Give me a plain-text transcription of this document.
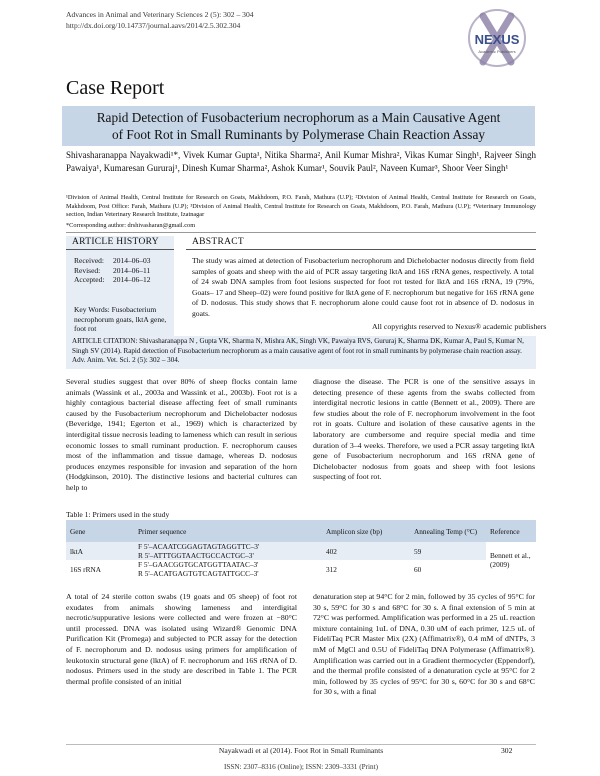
Advances in Animal and Veterinary Sciences 2 (5): 302 – 304
http://dx.doi.org/10.14737/journal.aavs/2014/2.5.302.304
NEXUS
Academic Publishers
Case Report
Rapid Detection of Fusobacterium necrophorum as a Main Causative Agent
of Foot Rot in Small Ruminants by Polymerase Chain Reaction Assay
Shivasharanappa Nayakwadi¹*, Vivek Kumar Gupta¹, Nitika Sharma², Anil Kumar Mishra², Vikas Kumar Singh¹, Rajveer Singh Pawaiya¹, Kumaresan Gururaj¹, Dinesh Kumar Sharma², Ashok Kumar¹, Souvik Paul², Naveen Kumar³, Shoor Veer Singh¹
¹Division of Animal Health, Central Institute for Research on Goats, Makhdoom, P.O. Farah, Mathura (U.P); ²Division of Animal Health, Central Institute for Research on Goats, Makhdoom, Post Office: Farah, Mathura (U.P); ³Division of Animal Health, Central Institute for Research on Goats, Makhdoom, P.O. Farah, Mathura (U.P); ⁴Veterinary Immunology section, Indian Veterinary Research Institute, Izatnagar
*Corresponding author: drshivasharan@gmail.com
ARTICLE HISTORY	ABSTRACT
Received: 2014–06–03
Revised: 2014–06–11
Accepted: 2014–06–12
Key Words: Fusobacterium necrophorum goats, lktA gene, foot rot
The study was aimed at detection of Fusobacterium necrophorum and Dichelobacter nodosus directly from field samples of goats and sheep with the aid of PCR assay targeting lktA and 16S rRNA genes, respectively. A total of 24 swab DNA samples from foot lesions suspected for foot rot tested for lktA and 16S rRNA, 19 (79%, Goats– 17 and Sheep–02) were found positive for lktA gene of F. necrophorum but negative for 16S rRNA gene of D. nodosus. This study shows that F. necrophorum alone could cause foot rot in absence of D. nodosus in goats.
All copyrights reserved to Nexus® academic publishers
ARTICLE CITATION: Shivasharanappa N , Gupta VK, Sharma N, Mishra AK, Singh VK, Pawaiya RVS, Gururaj K, Sharma DK, Kumar A, Paul S, Kumar N, Singh SV (2014). Rapid detection of Fusobacterium necrophorum as a main causative agent of foot rot in small ruminants by polymerase chain reaction assay. Adv. Anim. Vet. Sci. 2 (5): 302 – 304.
Several studies suggest that over 80% of sheep flocks contain lame animals (Wassink et al., 2003a and Wassink et al., 2003b). Foot rot is a highly contagious bacterial disease affecting feet of small ruminants caused by the Fusobacterium necrophorum and Dichelobacter nodosus (Beveridge, 1941; Egerton et al., 1969) which is characterized by interdigital tissue necrosis leading to lameness which can result in serious economic losses to small ruminant production. F. necrophorum causes most of the inflammation and tissue damage, whereas D. nodosus produces enzymes responsible for invasion and separation of the horn (Hodgkinson, 2010). The distinctive lesions and bacterial cultures can help to
diagnose the disease. The PCR is one of the sensitive assays in detecting presence of these agents from the swabs collected from interdigital necrotic lesions in cattle (Bennett et al., 2009). There are few studies about the role of F. necrophorum involvement in the foot rot in goats. Culture and isolation of these causative agents in the laboratory are cumbersome and require special media and time duration of 3–4 weeks. Therefore, we used a PCR assay targeting lktA gene of Fusobacterium necrophorum and 16S rRNA gene of Dichelobacter nodosus from goats and sheep with foot lesions suspecting of foot rot.
Table 1: Primers used in the study
Gene	Primer sequence	Amplicon size (bp)	Annealing Temp (°C)	Reference
lktA	F 5'–ACAATCGGAGTAGTAGGTTC–3'
R 5'–ATTTGGTAACTGCCACTGC–3'	402	59	Bennett et al., (2009)
16S rRNA	F 5'–GAACGGTGCATGGTTAATAC–3'
R 5'–ACATGAGTGTCAGTATTGCC–3'	312	60	
A total of 24 sterile cotton swabs (19 goats and 05 sheep) of foot rot exudates from animals showing lameness and interdigital necrotic/suppurative lesions were collected and were frozen at −80°C until processed. DNA was isolated using Wizard® Genomic DNA Purification Kit (Promega) and subjected to PCR assay for the detection of F. necrophorum and D. nodosus using primers for amplification of leukotoxin structural gene (lktA) of F. necrophorum and 16S rRNA of D. nodosus. Primers used in the study are described in Table 1. The PCR thermal profile consisted of an initial
denaturation step at 94°C for 2 min, followed by 35 cycles of 95°C for 30 s, 59°C for 30 s and 68°C for 30 s. A final extension of 5 min at 72°C was performed. Amplification was performed in a 25 uL reaction mixture containing 1uL of DNA, 0.30 uM of each primer, 12.5 uL of FideliTaq PCR Master Mix (2X) (Affimatrix®), 0.4 mM of dNTPs, 3 mM of MgCl and 0.5U of FideliTaq DNA Polymerase (Affimatrix®). Amplification was carried out in a Gradient thermocycler (Eppendorf), and the thermal profile consisted of a denaturation cycle at 95°C for 2 min, followed by 35 cycles of 95°C for 30 s, 60°C for 30 s and 68°C for 30 s, with a final
Nayakwadi et al (2014). Foot Rot in Small Ruminants	302
ISSN: 2307–8316 (Online); ISSN: 2309–3331 (Print)
